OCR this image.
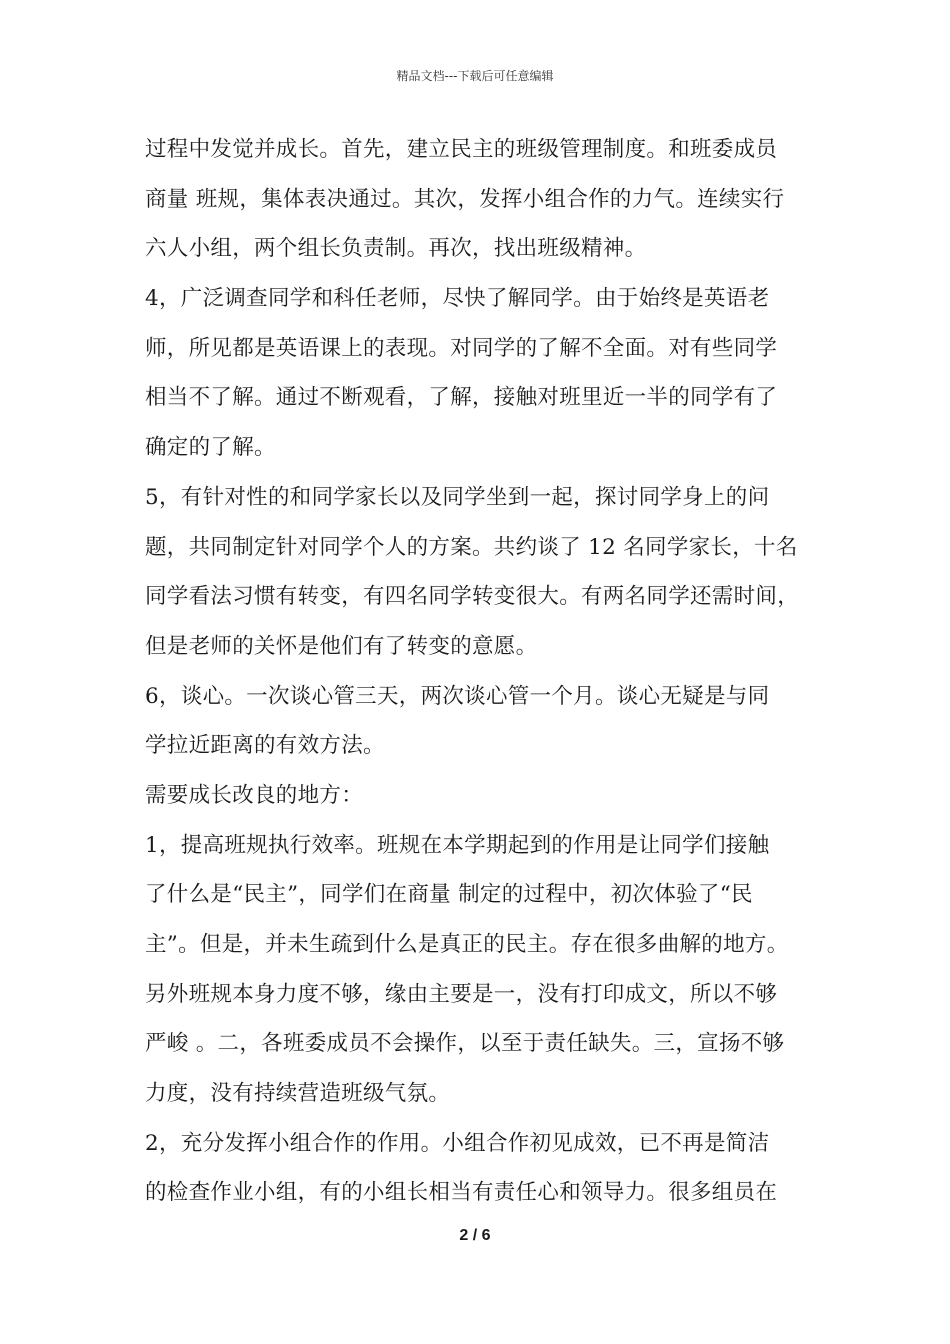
精品文档---下载后可任意编辑
过程中发觉并成长。首先，建立民主的班级管理制度。和班委成员
商量 班规，集体表决通过。其次，发挥小组合作的力气。连续实行
六人小组，两个组长负责制。再次，找出班级精神。
4，广泛调查同学和科任老师，尽快了解同学。由于始终是英语老
师，所见都是英语课上的表现。对同学的了解不全面。对有些同学
相当不了解。通过不断观看，了解，接触对班里近一半的同学有了
确定的了解。
5，有针对性的和同学家长以及同学坐到一起，探讨同学身上的问
题，共同制定针对同学个人的方案。共约谈了 12 名同学家长，十名
同学看法习惯有转变，有四名同学转变很大。有两名同学还需时间，
但是老师的关怀是他们有了转变的意愿。
6，谈心。一次谈心管三天，两次谈心管一个月。谈心无疑是与同
学拉近距离的有效方法。
需要成长改良的地方：
1，提高班规执行效率。班规在本学期起到的作用是让同学们接触
了什么是“民主”，同学们在商量 制定的过程中，初次体验了“民
主”。但是，并未生疏到什么是真正的民主。存在很多曲解的地方。
另外班规本身力度不够，缘由主要是一，没有打印成文，所以不够
严峻 。二，各班委成员不会操作，以至于责任缺失。三，宣扬不够
力度，没有持续营造班级气氛。
2，充分发挥小组合作的作用。小组合作初见成效，已不再是简洁
的检查作业小组，有的小组长相当有责任心和领导力。很多组员在
2 / 6
